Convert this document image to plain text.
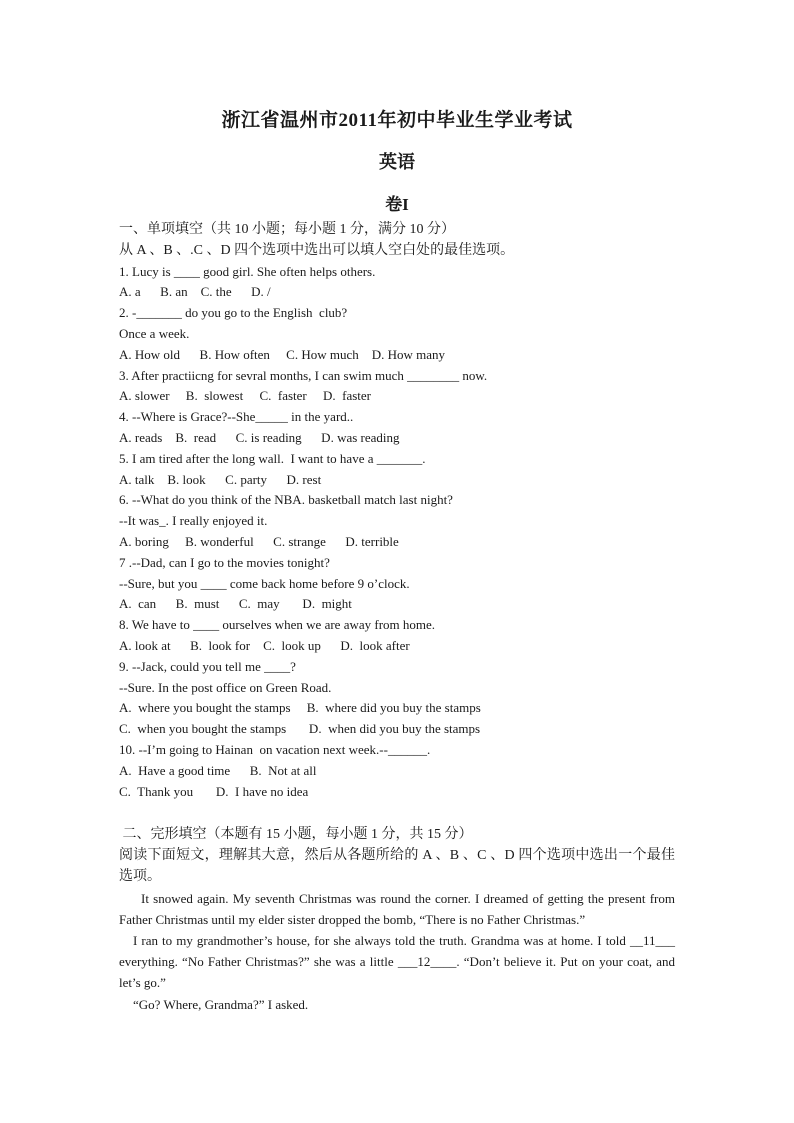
浙江省温州市2011年初中毕业生学业考试
英语
卷I
一、单项填空（共 10 小题；每小题 1 分，满分 10 分）
从 A 、B 、.C 、D 四个选项中选出可以填人空白处的最佳选项。
1. Lucy is ____ good girl. She often helps others.
A. a      B. an    C. the      D. /
2. -_______ do you go to the English  club?
Once a week.
A. How old      B. How often     C. How much    D. How many
3. After practiicng for sevral months, I can swim much ________ now.
A. slower     B.  slowest     C.  faster     D.  faster
4. --Where is Grace?--She_____ in the yard..
A. reads    B.  read      C. is reading      D. was reading
5. I am tired after the long wall.  I want to have a _______.
A. talk    B. look      C. party      D. rest
6. --What do you think of the NBA. basketball match last night?
--It was_. I really enjoyed it.
A. boring     B. wonderful      C. strange      D. terrible
7 .--Dad, can I go to the movies tonight?
--Sure, but you ____ come back home before 9 o’clock.
A.  can      B.  must      C.  may       D.  might
8. We have to ____ ourselves when we are away from home.
A. look at      B.  look for    C.  look up      D.  look after
9. --Jack, could you tell me ____?
--Sure. In the post office on Green Road.
A.  where you bought the stamps     B.  where did you buy the stamps
C.  when you bought the stamps       D.  when did you buy the stamps
10. --I’m going to Hainan  on vacation next week.--______.
A.  Have a good time      B.  Not at all
C.  Thank you       D.  I have no idea
二、完形填空（本题有 15 小题，每小题 1 分，共 15 分）
阅读下面短文，理解其大意，然后从各题所给的 A 、B 、C 、D 四个选项中选出一个最佳选项。
It snowed again. My seventh Christmas was round the corner. I dreamed of getting the present from Father Christmas until my elder sister dropped the bomb, “There is no Father Christmas.”
I ran to my grandmother’s house, for she always told the truth. Grandma was at home. I told __11___ everything. “No Father Christmas?” she was a little ___12____. “Don’t believe it. Put on your coat, and let’s go.”
“Go? Where, Grandma?” I asked.
